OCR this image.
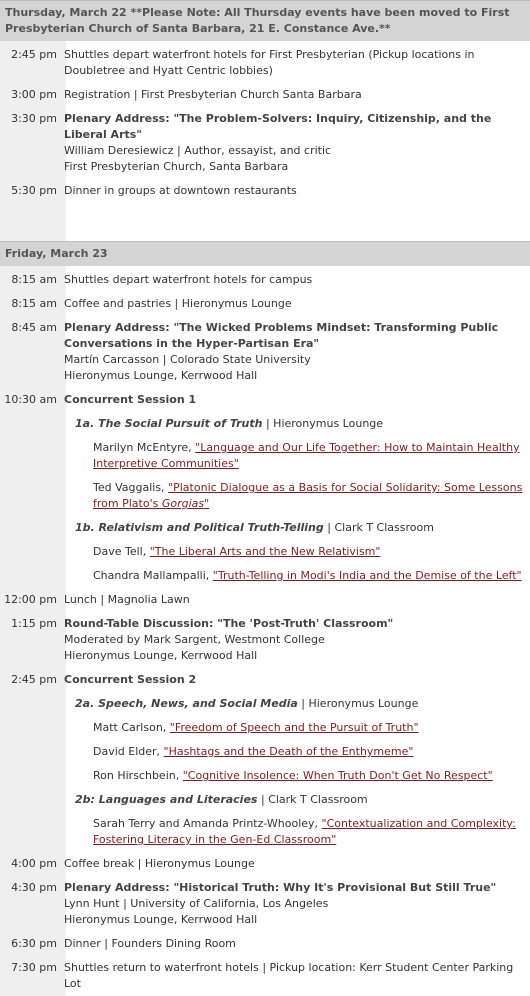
Thursday, March 22 **Please Note: All Thursday events have been moved to First Presbyterian Church of Santa Barbara, 21 E. Constance Ave.**
2:45 pm Shuttles depart waterfront hotels for First Presbyterian (Pickup locations in Doubletree and Hyatt Centric lobbies)
3:00 pm Registration | First Presbyterian Church Santa Barbara
3:30 pm Plenary Address: "The Problem-Solvers: Inquiry, Citizenship, and the Liberal Arts"
William Deresiewicz | Author, essayist, and critic
First Presbyterian Church, Santa Barbara
5:30 pm Dinner in groups at downtown restaurants
Friday, March 23
8:15 am Shuttles depart waterfront hotels for campus
8:15 am Coffee and pastries | Hieronymus Lounge
8:45 am Plenary Address: "The Wicked Problems Mindset: Transforming Public Conversations in the Hyper-Partisan Era"
Martín Carcasson | Colorado State University
Hieronymus Lounge, Kerrwood Hall
10:30 am Concurrent Session 1
1a. The Social Pursuit of Truth | Hieronymus Lounge
Marilyn McEntyre, "Language and Our Life Together: How to Maintain Healthy Interpretive Communities"
Ted Vaggalis, "Platonic Dialogue as a Basis for Social Solidarity: Some Lessons from Plato's Gorgias"
1b. Relativism and Political Truth-Telling | Clark T Classroom
Dave Tell, "The Liberal Arts and the New Relativism"
Chandra Mallampalli, "Truth-Telling in Modi's India and the Demise of the Left"
12:00 pm Lunch | Magnolia Lawn
1:15 pm Round-Table Discussion: "The 'Post-Truth' Classroom"
Moderated by Mark Sargent, Westmont College
Hieronymus Lounge, Kerrwood Hall
2:45 pm Concurrent Session 2
2a. Speech, News, and Social Media | Hieronymus Lounge
Matt Carlson, "Freedom of Speech and the Pursuit of Truth"
David Elder, "Hashtags and the Death of the Enthymeme"
Ron Hirschbein, "Cognitive Insolence: When Truth Don't Get No Respect"
2b: Languages and Literacies | Clark T Classroom
Sarah Terry and Amanda Printz-Whooley, "Contextualization and Complexity: Fostering Literacy in the Gen-Ed Classroom"
4:00 pm Coffee break | Hieronymus Lounge
4:30 pm Plenary Address: "Historical Truth: Why It's Provisional But Still True"
Lynn Hunt | University of California, Los Angeles
Hieronymus Lounge, Kerrwood Hall
6:30 pm Dinner | Founders Dining Room
7:30 pm Shuttles return to waterfront hotels | Pickup location: Kerr Student Center Parking Lot
